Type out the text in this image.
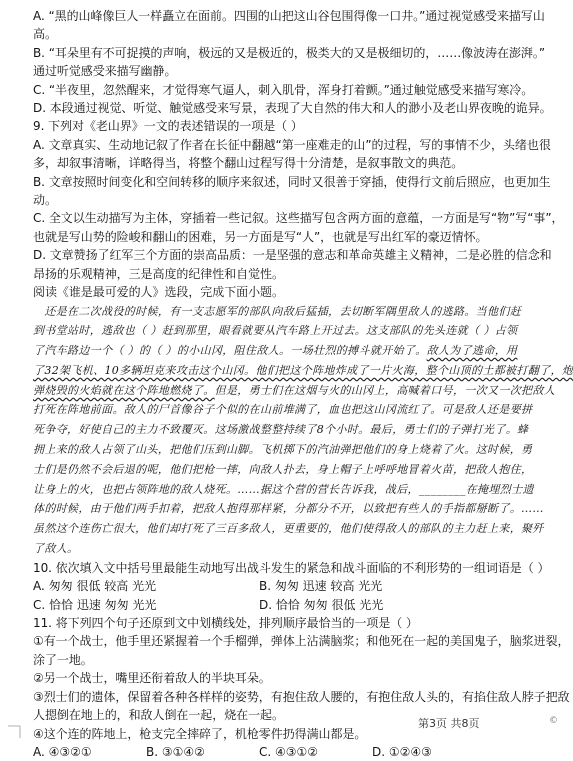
A. “黑的山峰像巨人一样矗立在面前。四围的山把这山谷包围得像一口井。”通过视觉感受来描写山
高。
B. “耳朵里有不可捉摸的声响，极远的又是极近的，极类大的又是极细切的，……像波涛在澎湃。”
通过听觉感受来描写幽静。
C. “半夜里，忽然醒来，才觉得寒气逼人，刺入肌骨，浑身打着颤。”通过触觉感受来描写寒冷。
D. 本段通过视觉、听觉、触觉感受来写景，表现了大自然的伟大和人的渺小及老山界夜晚的诡异。
9. 下列对《老山界》一文的表述错误的一项是（ ）
A. 文章真实、生动地记叙了作者在长征中翻越“第一座难走的山”的过程，写的事情不少，头绪也很
多，却叙事清晰，详略得当，将整个翻山过程写得十分清楚，是叙事散文的典范。
B. 文章按照时间变化和空间转移的顺序来叙述，同时又很善于穿插，使得行文前后照应，也更加生
动。
C. 全文以生动描写为主体，穿插着一些记叙。这些描写包含两方面的意蕴，一方面是写“物”写“事”，
也就是写山势的险峻和翻山的困难，另一方面是写“人”，也就是写出红军的豪迈情怀。
D. 文章赞扬了红军三个方面的崇高品质：一是坚强的意志和革命英雄主义精神，二是必胜的信念和
昂扬的乐观精神，三是高度的纪律性和自觉性。
阅读《谁是最可爱的人》选段，完成下面小题。
　还是在二次战役的时候，有一支志愿军的部队向敌后猛插，去切断军隅里敌人的逃路。当他们赶
到书堂站时，逃敌也（ ）赶到那里，眼看就要从汽车路上开过去。这支部队的先头连就（ ）占领
了汽车路边一个（ ）的（ ）的小山冈，阻住敌人。一场壮烈的搏斗就开始了。敌人为了逃命，用
了32架飞机、10多辆坦克来攻击这个山冈。他们把这个阵地炸成了一片火海，整个山顶的土都被打翻了，炮
弹烧毁的火焰就在这个阵地燃烧了。但是，勇士们在这烟与火的山冈上，高喊着口号，一次又一次把敌人
打死在阵地前面。敌人的尸首像谷子个似的在山前堆满了，血也把这山冈流红了。可是敌人还是要拼
死争夺，好使自己的主力不致覆灭。这场激战整整持续了8个小时。最后，勇士们的子弹打光了。蜂
拥上来的敌人占领了山头，把他们压到山脚。飞机掷下的汽油弹把他们的身上烧着了火。这时候，勇
士们是仍然不会后退的呢，他们把枪一摔，向敌人扑去，身上帽子上呼呼地冒着火苗，把敌人抱住，
让身上的火，也把占领阵地的敌人烧死。……据这个营的营长告诉我，战后，________在掩埋烈士遗
体的时候，由于他们两手扣着，把敌人抱得那样紧，分都分不开，以致把有些人的手指都掰断了。……
虽然这个连伤亡很大，他们却打死了三百多敌人，更重要的，他们使得敌人的部队的主力赶上来，聚歼
了敌人。
10. 依次填入文中括号里最能生动地写出战斗发生的紧急和战斗面临的不利形势的一组词语是（ ）
A. 匆匆 很低 较高 光光	B. 匆匆 迅速 较高 光光
C. 恰恰 迅速 匆匆 光光	D. 恰恰 匆匆 很低 光光
11. 将下列四个句子还原到文中划横线处，排列顺序最恰当的一项是（ ）
①有一个战士，他手里还紧握着一个手榴弹，弹体上沾满脑浆；和他死在一起的美国鬼子，脑浆迸裂，
涂了一地。
②另一个战士，嘴里还衔着敌人的半块耳朵。
③烈士们的遗体，保留着各种各样样的姿势，有抱住敌人腰的，有抱住敌人头的，有掐住敌人脖子把敌
人摁倒在地上的，和敌人倒在一起，烧在一起。
④这个连的阵地上，枪支完全摔碎了，机枪零件扔得满山都是。
A. ④③②①	B. ③①④②	C. ④③①②	D. ①②④③
第3页 共8页	©
